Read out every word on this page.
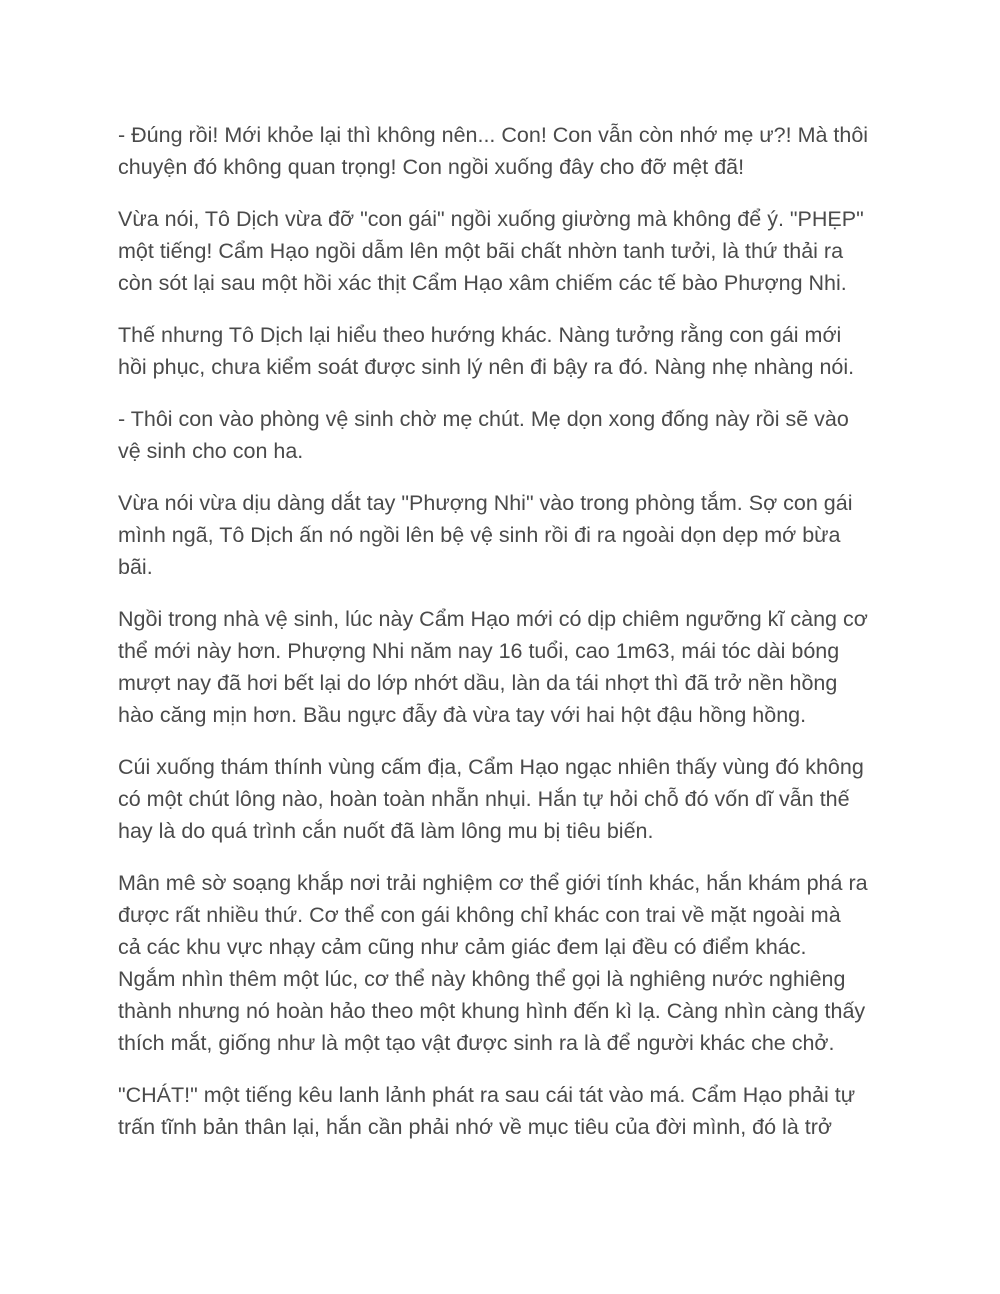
- Đúng rồi! Mới khỏe lại thì không nên... Con! Con vẫn còn nhớ mẹ ư?! Mà thôi
chuyện đó không quan trọng! Con ngồi xuống đây cho đỡ mệt đã!

Vừa nói, Tô Dịch vừa đỡ "con gái" ngồi xuống giường mà không để ý. "PHẸP"
một tiếng! Cẩm Hạo ngồi dẫm lên một bãi chất nhờn tanh tưởi, là thứ thải ra
còn sót lại sau một hồi xác thịt Cẩm Hạo xâm chiếm các tế bào Phượng Nhi.

Thế nhưng Tô Dịch lại hiểu theo hướng khác. Nàng tưởng rằng con gái mới
hồi phục, chưa kiểm soát được sinh lý nên đi bậy ra đó. Nàng nhẹ nhàng nói.

- Thôi con vào phòng vệ sinh chờ mẹ chút. Mẹ dọn xong đống này rồi sẽ vào
vệ sinh cho con ha.

Vừa nói vừa dịu dàng dắt tay "Phượng Nhi" vào trong phòng tắm. Sợ con gái
mình ngã, Tô Dịch ấn nó ngồi lên bệ vệ sinh rồi đi ra ngoài dọn dẹp mớ bừa
bãi.

Ngồi trong nhà vệ sinh, lúc này Cẩm Hạo mới có dịp chiêm ngưỡng kĩ càng cơ
thể mới này hơn. Phượng Nhi năm nay 16 tuổi, cao 1m63, mái tóc dài bóng
mượt nay đã hơi bết lại do lớp nhớt dầu, làn da tái nhợt thì đã trở nền hồng
hào căng mịn hơn. Bầu ngực đẫy đà vừa tay với hai hột đậu hồng hồng.

Cúi xuống thám thính vùng cấm địa, Cẩm Hạo ngạc nhiên thấy vùng đó không
có một chút lông nào, hoàn toàn nhẵn nhụi. Hắn tự hỏi chỗ đó vốn dĩ vẫn thế
hay là do quá trình cắn nuốt đã làm lông mu bị tiêu biến.

Mân mê sờ soạng khắp nơi trải nghiệm cơ thể giới tính khác, hắn khám phá ra
được rất nhiều thứ. Cơ thể con gái không chỉ khác con trai về mặt ngoài mà
cả các khu vực nhạy cảm cũng như cảm giác đem lại đều có điểm khác.
Ngắm nhìn thêm một lúc, cơ thể này không thể gọi là nghiêng nước nghiêng
thành nhưng nó hoàn hảo theo một khung hình đến kì lạ. Càng nhìn càng thấy
thích mắt, giống như là một tạo vật được sinh ra là để người khác che chở.

"CHÁT!" một tiếng kêu lanh lảnh phát ra sau cái tát vào má. Cẩm Hạo phải tự
trấn tĩnh bản thân lại, hắn cần phải nhớ về mục tiêu của đời mình, đó là trở
